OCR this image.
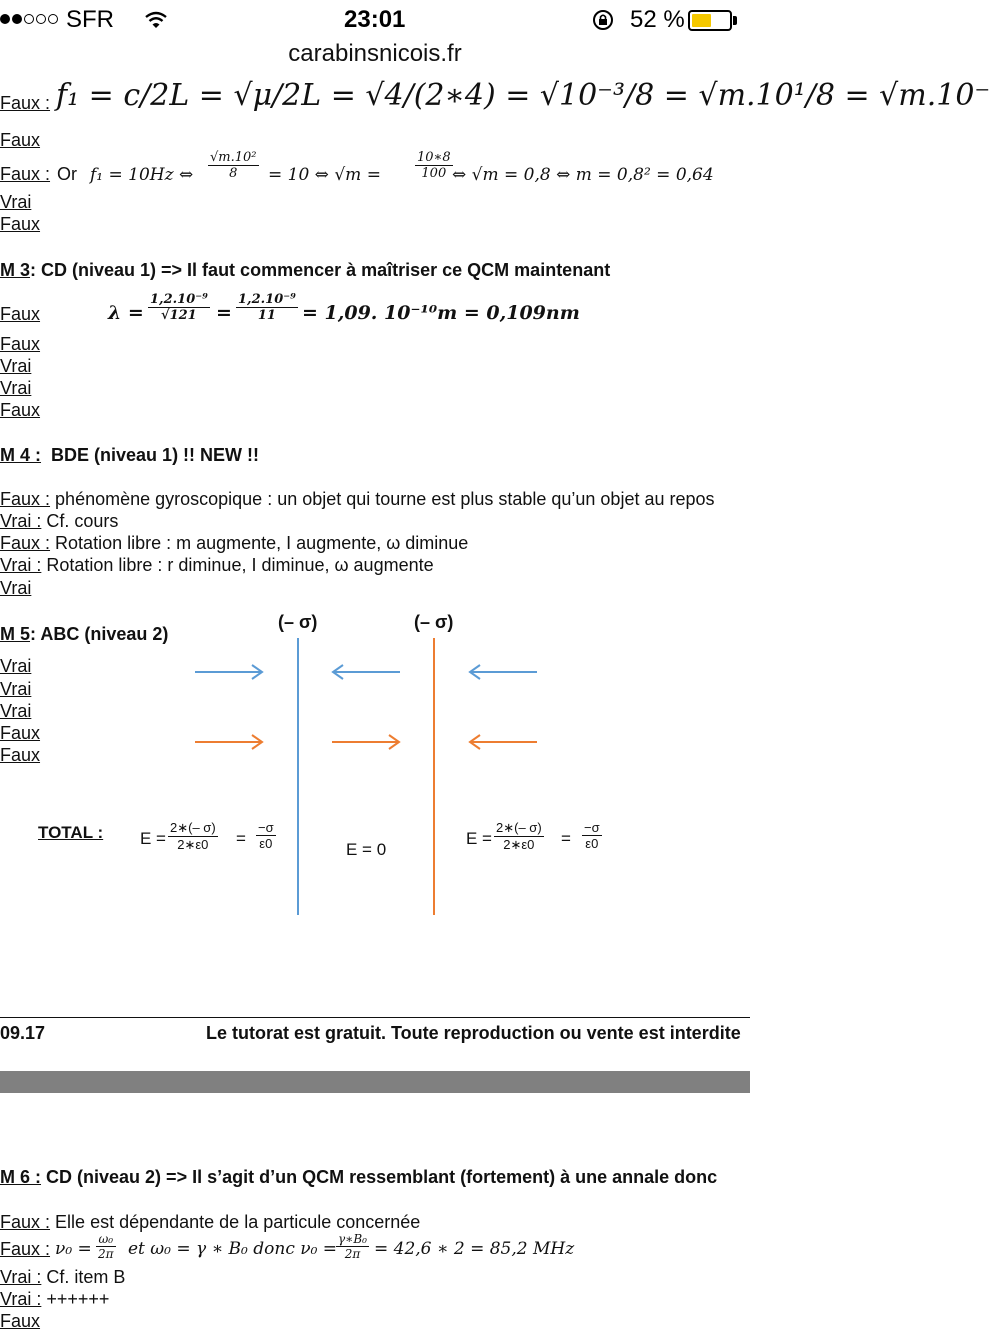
SFR	23:01	52 %
carabinsnicois.fr
Faux : f₁ = c/2L = √μ/2L = √4/(2∗4) = √10⁻³/8 = √m.10¹/8 = √m.10⁻
Faux
Faux : Or f₁ = 10Hz ⇔ $\frac{\text{√m.10²}}{8} = 10$ ⇔ √m =	$\frac{10∗8}{100}$ ⇔ √m = 0,8 ⇔ m = 0,8² = 0,64
Vrai
Faux
M 3: CD (niveau 1) => Il faut commencer à maîtriser ce QCM maintenant
Faux
Faux
Vrai
Vrai
Faux
$\lambda = \frac{\text{1,2.10⁻⁹}}{√121} = \frac{\text{1,2.10⁻⁹}}{11} = 1,09$. 10⁻¹⁰m = 0,109nm
M 4 : BDE (niveau 1) !! NEW !!
Faux : phénomène gyroscopique : un objet qui tourne est plus stable qu’un objet au repos
Vrai : Cf. cours
Faux : Rotation libre : m augmente, I augmente, ω diminue
Vrai : Rotation libre : r diminue, I diminue, ω augmente
Vrai
M 5: ABC (niveau 2)
Vrai
Vrai
Vrai
Faux
Faux
(– σ)	(– σ)
TOTAL : $E = \frac{2∗(- \sigma)}{2∗\varepsilon 0} = \frac{-\sigma}{\varepsilon 0}$	E = 0
$E = \frac{2∗(- \sigma)}{2∗\varepsilon 0} = \frac{-\sigma}{\varepsilon 0}$
09.17	Le tutorat est gratuit. Toute reproduction ou vente est interdite
M 6 : CD (niveau 2) => Il s’agit d’un QCM ressemblant (fortement) à une annale donc
Faux : Elle est dépendante de la particule concernée
Faux : $\nu_0 = \frac{\text{ω₀}}{2\pi}$ et ω₀ = γ ∗ B₀ donc ν₀ =
$\frac{\text{γ∗B₀}}{2\pi} = 42,6$ ∗ 2 = 85,2 MHz
Vrai : Cf. item B
Vrai : ++++++
Faux
